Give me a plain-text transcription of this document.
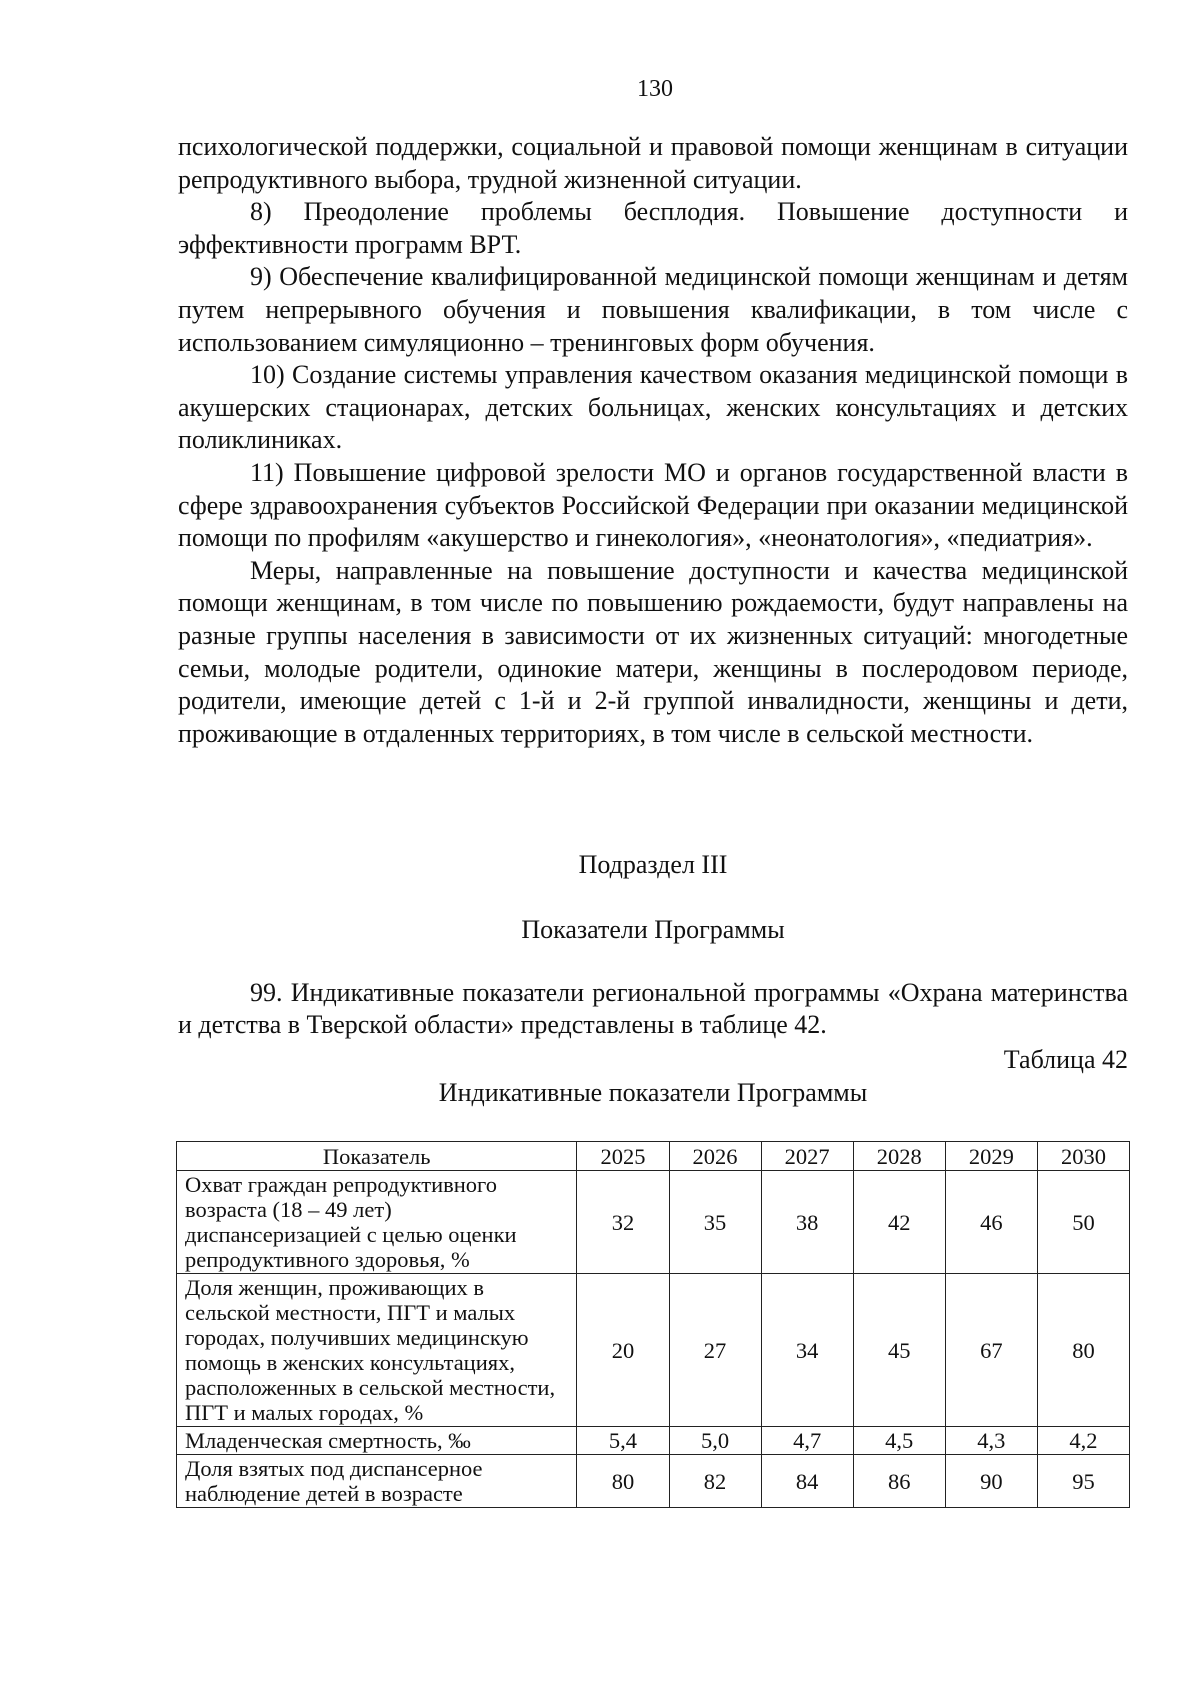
130

психологической поддержки, социальной и правовой помощи женщинам в ситуации репродуктивного выбора, трудной жизненной ситуации.

8) Преодоление проблемы бесплодия. Повышение доступности и эффективности программ ВРТ.

9) Обеспечение квалифицированной медицинской помощи женщинам и детям путем непрерывного обучения и повышения квалификации, в том числе с использованием симуляционно – тренинговых форм обучения.

10) Создание системы управления качеством оказания медицинской помощи в акушерских стационарах, детских больницах, женских консультациях и детских поликлиниках.

11) Повышение цифровой зрелости МО и органов государственной власти в сфере здравоохранения субъектов Российской Федерации при оказании медицинской помощи по профилям «акушерство и гинекология», «неонатология», «педиатрия».

Меры, направленные на повышение доступности и качества медицинской помощи женщинам, в том числе по повышению рождаемости, будут направлены на разные группы населения в зависимости от их жизненных ситуаций: многодетные семьи, молодые родители, одинокие матери, женщины в послеродовом периоде, родители, имеющие детей с 1-й и 2-й группой инвалидности, женщины и дети, проживающие в отдаленных территориях, в том числе в сельской местности.

Подраздел III
Показатели Программы

99. Индикативные показатели региональной программы «Охрана материнства и детства в Тверской области» представлены в таблице 42.

Таблица 42
Индикативные показатели Программы
Показатель	2025	2026	2027	2028	2029	2030
Охват граждан репродуктивного возраста (18 – 49 лет) диспансеризацией с целью оценки репродуктивного здоровья, %	32	35	38	42	46	50
Доля женщин, проживающих в сельской местности, ПГТ и малых городах, получивших медицинскую помощь в женских консультациях, расположенных в сельской местности, ПГТ и малых городах, %	20	27	34	45	67	80
Младенческая смертность, ‰	5,4	5,0	4,7	4,5	4,3	4,2
Доля взятых под диспансерное наблюдение детей в возрасте	80	82	84	86	90	95
